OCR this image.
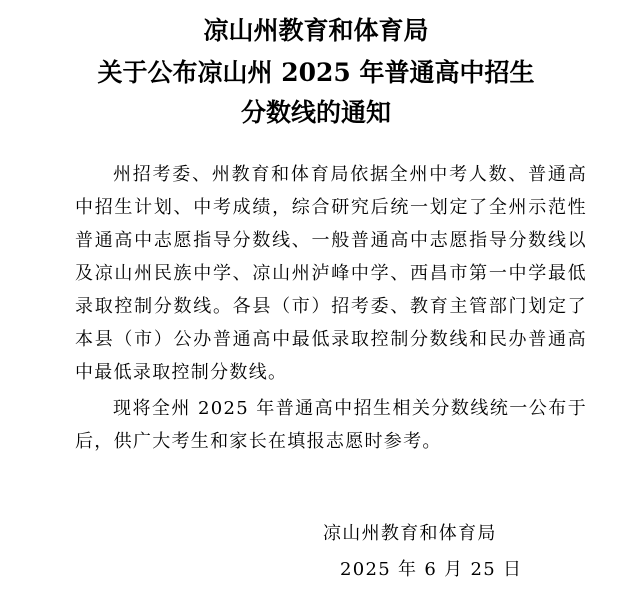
凉山州教育和体育局
关于公布凉山州 2025 年普通高中招生
分数线的通知
州招考委、州教育和体育局依据全州中考人数、普通高中招生计划、中考成绩，综合研究后统一划定了全州示范性普通高中志愿指导分数线、一般普通高中志愿指导分数线以及凉山州民族中学、凉山州泸峰中学、西昌市第一中学最低录取控制分数线。各县（市）招考委、教育主管部门划定了本县（市）公办普通高中最低录取控制分数线和民办普通高中最低录取控制分数线。
现将全州 2025 年普通高中招生相关分数线统一公布于后，供广大考生和家长在填报志愿时参考。
凉山州教育和体育局
2025 年 6 月 25 日
